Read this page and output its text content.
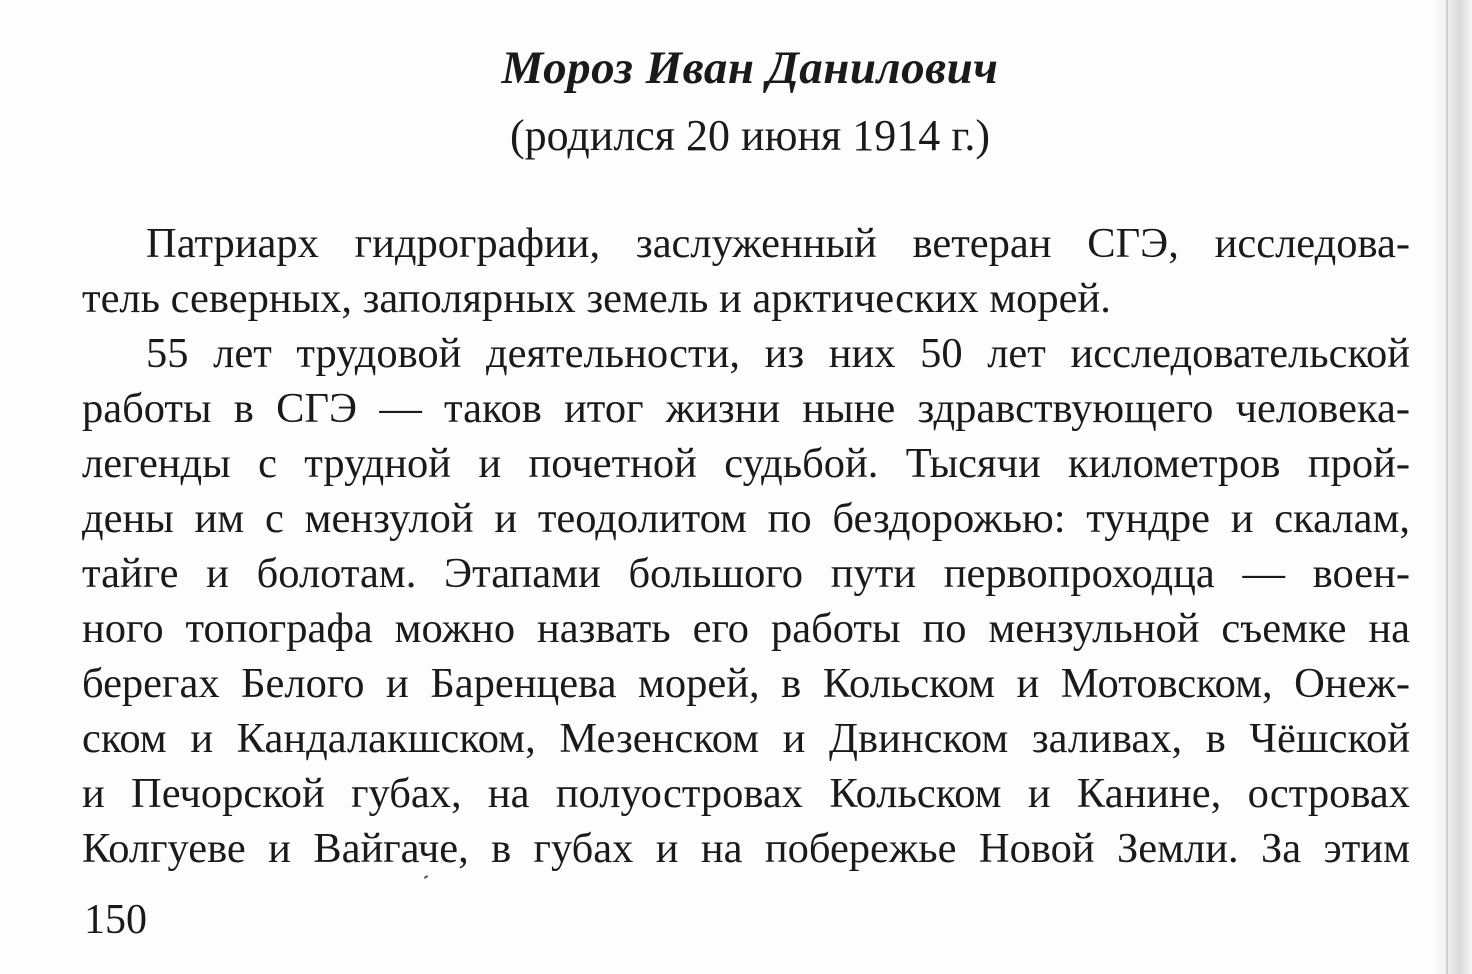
Мороз Иван Данилович
(родился 20 июня 1914 г.)
Патриарх гидрографии, заслуженный ветеран СГЭ, исследова-
тель северных, заполярных земель и арктических морей.
55 лет трудовой деятельности, из них 50 лет исследовательской
работы в СГЭ — таков итог жизни ныне здравствующего человека-
легенды с трудной и почетной судьбой. Тысячи километров прой-
дены им с мензулой и теодолитом по бездорожью: тундре и скалам,
тайге и болотам. Этапами большого пути первопроходца — воен-
ного топографа можно назвать его работы по мензульной съемке на
берегах Белого и Баренцева морей, в Кольском и Мотовском, Онеж-
ском и Кандалакшском, Мезенском и Двинском заливах, в Чёшской
и Печорской губах, на полуостровах Кольском и Канине, островах
Колгуеве и Вайгаче, в губах и на побережье Новой Земли. За этим
150
